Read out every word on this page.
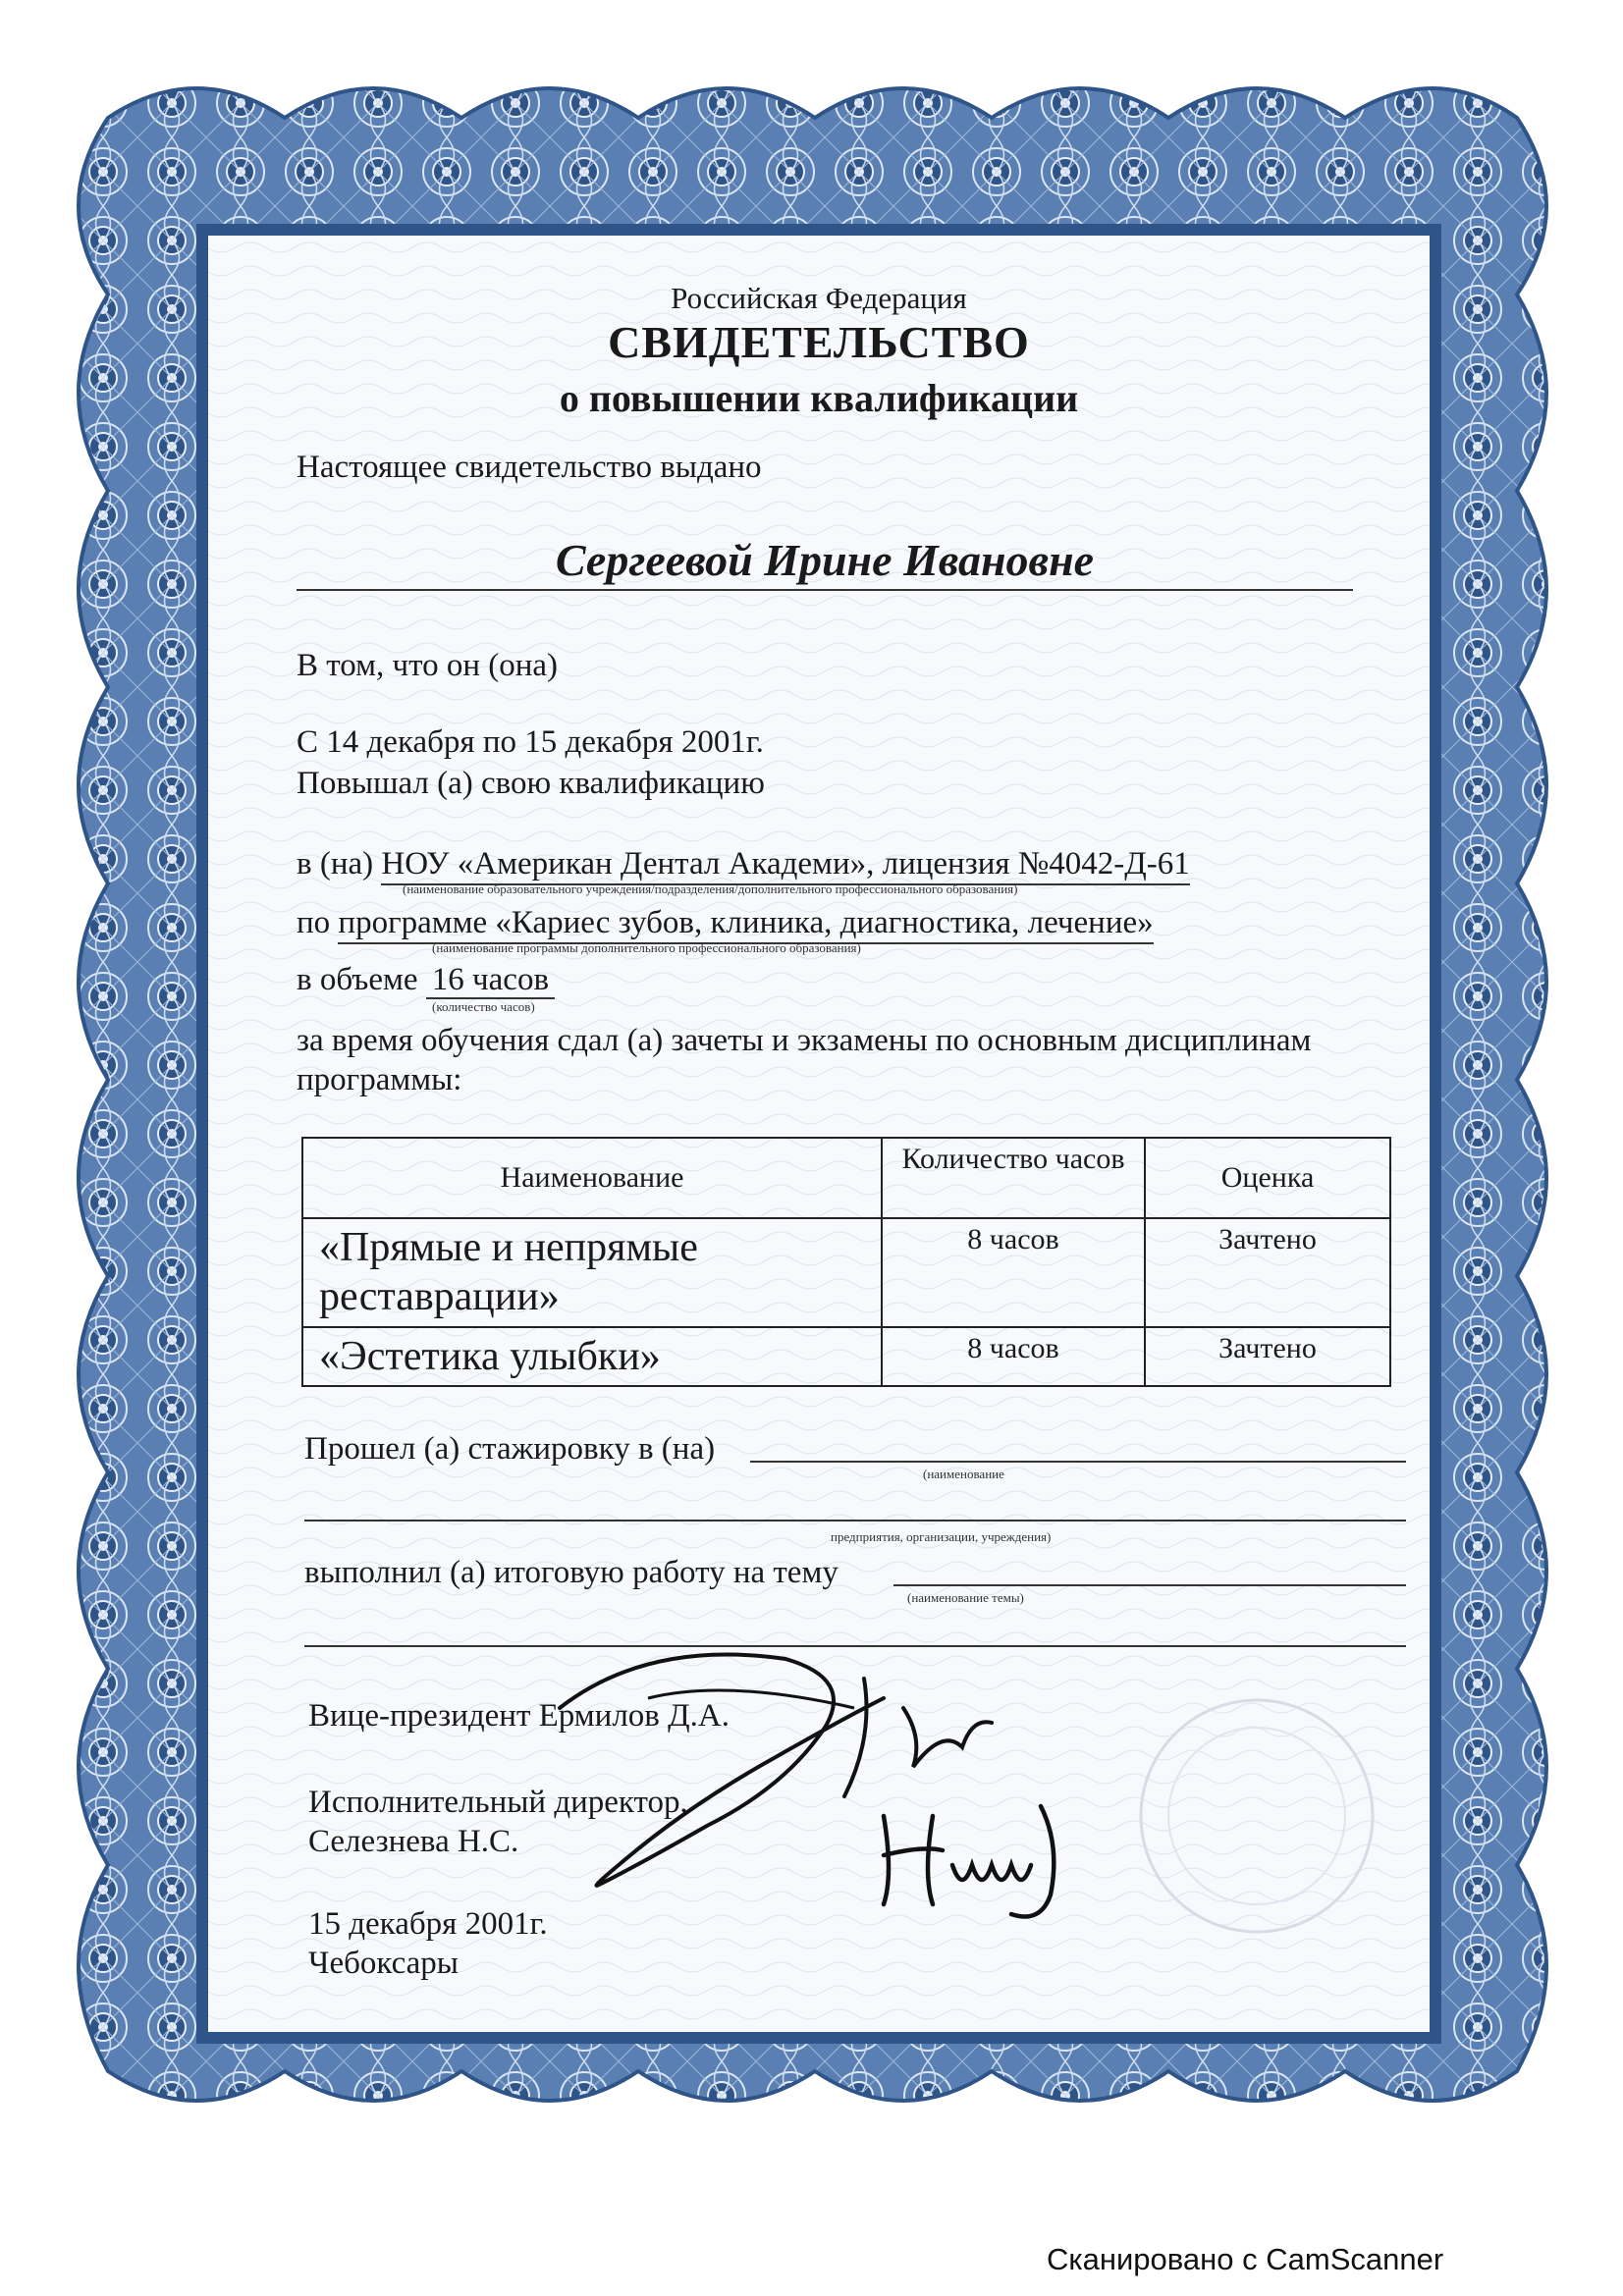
Российская Федерация
СВИДЕТЕЛЬСТВО
о повышении квалификации
Настоящее свидетельство выдано
Сергеевой Ирине Ивановне
В том, что он (она)
С 14 декабря по 15 декабря 2001г.
Повышал (а) свою квалификацию
в (на) НОУ «Американ Дентал Академи», лицензия №4042-Д-61
(наименование образовательного учреждения/подразделения/дополнительного профессионального образования)
по программе «Кариес зубов, клиника, диагностика, лечение»
(наименование программы дополнительного профессионального образования)
в объеме 16 часов
(количество часов)
за время обучения сдал (а) зачеты и экзамены по основным дисциплинам
программы:
Наименование	Количество часов	Оценка
«Прямые и непрямые реставрации»	8 часов	Зачтено
«Эстетика улыбки»	8 часов	Зачтено
Прошел (а) стажировку в (на)
(наименование
предприятия, организации, учреждения)
выполнил (а) итоговую работу на тему
(наименование темы)
Вице-президент Ермилов Д.А.
Исполнительный директор,
Селезнева Н.С.
15 декабря 2001г.
Чебоксары
Сканировано с CamScanner
